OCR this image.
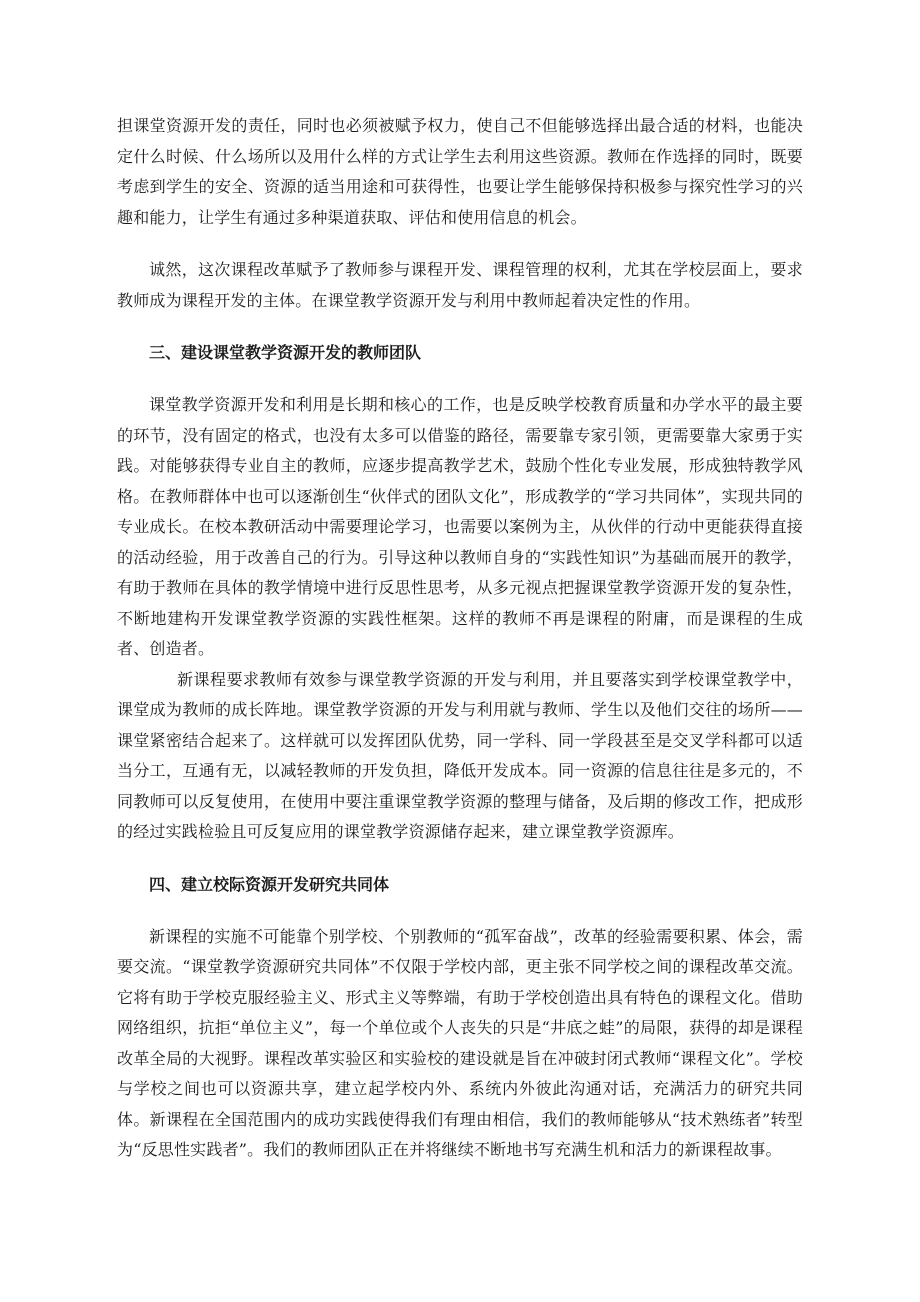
担课堂资源开发的责任，同时也必须被赋予权力，使自己不但能够选择出最合适的材料，也能决定什么时候、什么场所以及用什么样的方式让学生去利用这些资源。教师在作选择的同时，既要考虑到学生的安全、资源的适当用途和可获得性，也要让学生能够保持积极参与探究性学习的兴趣和能力，让学生有通过多种渠道获取、评估和使用信息的机会。

诚然，这次课程改革赋予了教师参与课程开发、课程管理的权利，尤其在学校层面上，要求教师成为课程开发的主体。在课堂教学资源开发与利用中教师起着决定性的作用。

三、建设课堂教学资源开发的教师团队

课堂教学资源开发和利用是长期和核心的工作，也是反映学校教育质量和办学水平的最主要的环节，没有固定的格式，也没有太多可以借鉴的路径，需要靠专家引领，更需要靠大家勇于实践。对能够获得专业自主的教师，应逐步提高教学艺术，鼓励个性化专业发展，形成独特教学风格。在教师群体中也可以逐渐创生“伙伴式的团队文化”，形成教学的“学习共同体”，实现共同的专业成长。在校本教研活动中需要理论学习，也需要以案例为主，从伙伴的行动中更能获得直接的活动经验，用于改善自己的行为。引导这种以教师自身的“实践性知识”为基础而展开的教学，有助于教师在具体的教学情境中进行反思性思考，从多元视点把握课堂教学资源开发的复杂性，不断地建构开发课堂教学资源的实践性框架。这样的教师不再是课程的附庸，而是课程的生成者、创造者。

新课程要求教师有效参与课堂教学资源的开发与利用，并且要落实到学校课堂教学中，课堂成为教师的成长阵地。课堂教学资源的开发与利用就与教师、学生以及他们交往的场所——课堂紧密结合起来了。这样就可以发挥团队优势，同一学科、同一学段甚至是交叉学科都可以适当分工，互通有无，以减轻教师的开发负担，降低开发成本。同一资源的信息往往是多元的，不同教师可以反复使用，在使用中要注重课堂教学资源的整理与储备，及后期的修改工作，把成形的经过实践检验且可反复应用的课堂教学资源储存起来，建立课堂教学资源库。

四、建立校际资源开发研究共同体

新课程的实施不可能靠个别学校、个别教师的“孤军奋战”，改革的经验需要积累、体会，需要交流。“课堂教学资源研究共同体”不仅限于学校内部，更主张不同学校之间的课程改革交流。它将有助于学校克服经验主义、形式主义等弊端，有助于学校创造出具有特色的课程文化。借助网络组织，抗拒“单位主义”，每一个单位或个人丧失的只是“井底之蛙”的局限，获得的却是课程改革全局的大视野。课程改革实验区和实验校的建设就是旨在冲破封闭式教师“课程文化”。学校与学校之间也可以资源共享，建立起学校内外、系统内外彼此沟通对话，充满活力的研究共同体。新课程在全国范围内的成功实践使得我们有理由相信，我们的教师能够从“技术熟练者”转型为“反思性实践者”。我们的教师团队正在并将继续不断地书写充满生机和活力的新课程故事。
